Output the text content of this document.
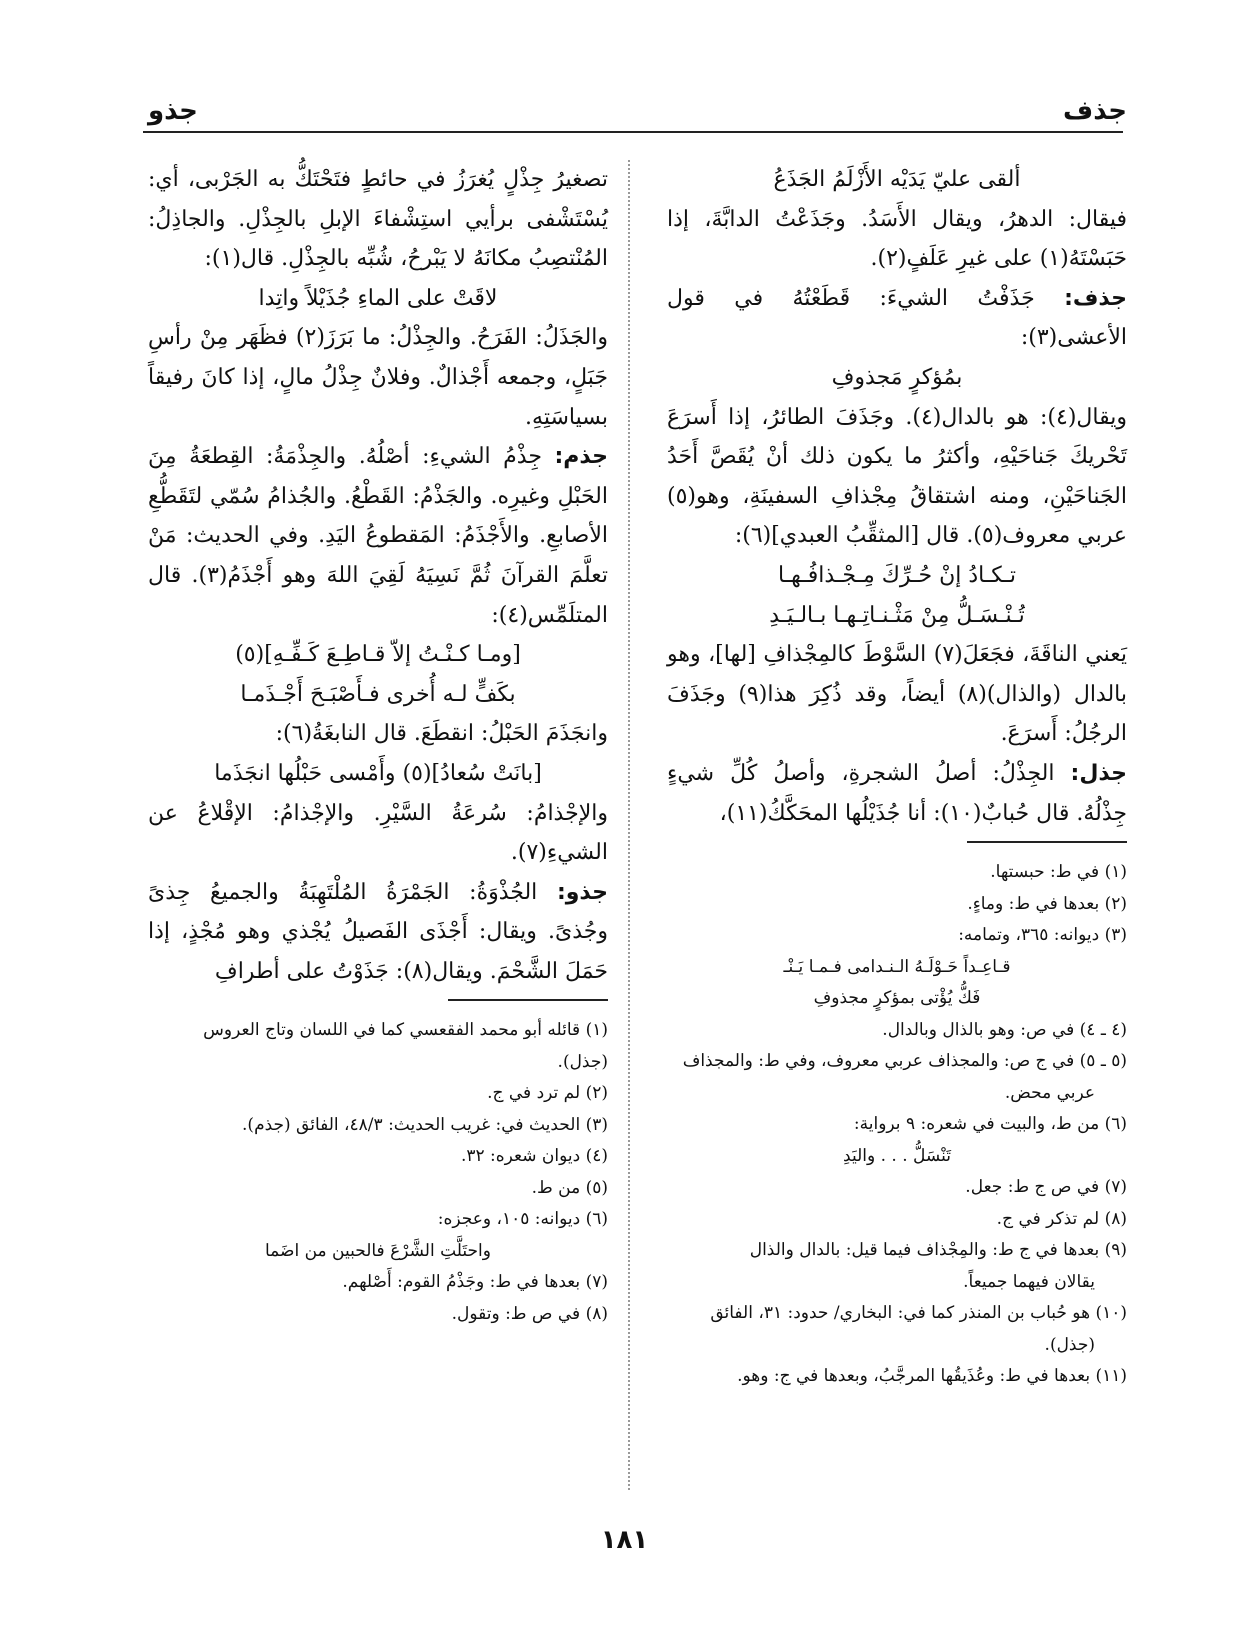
جذف
جذو

ألقى عليّ يَدَيْه الأَزْلَمُ الجَذَعُ

فيقال: الدهرُ، ويقال الأَسَدُ. وجَذَعْتُ الدابَّةَ، إذا حَبَسْتَهُ(١) على غيرِ عَلَفٍ(٢).

جذف: جَذَفْتُ الشيءَ: قَطَعْتُهُ في قول الأعشى(٣):

بمُؤكرٍ مَجذوفِ

ويقال(٤): هو بالدال(٤). وجَذَفَ الطائرُ، إذا أَسرَعَ تَحْريكَ جَناحَيْهِ، وأكثرُ ما يكون ذلك أنْ يُقَصَّ أَحَدُ الجَناحَيْنِ، ومنه اشتقاقُ مِجْذافِ السفينَةِ، وهو(٥) عربي معروف(٥). قال [المثقِّبُ العبدي](٦):

تـكـادُ إنْ حُـرِّكَ مِـجْـذافُـهـا

تُـنْـسَـلُّ مِنْ مَثْـنـاتِـهـا بـالـيَـدِ

يَعني الناقَةَ، فجَعَلَ(٧) السَّوْطَ كالمِجْذافِ [لها]، وهو بالدال (والذال)(٨) أيضاً، وقد ذُكِرَ هذا(٩) وجَذَفَ الرجُلُ: أَسرَعَ.

جذل: الجِذْلُ: أصلُ الشجرةِ، وأصلُ كُلِّ شيءٍ جِذْلُهُ. قال حُبابٌ(١٠): أنا جُذَيْلُها المحَكَّكُ(١١)،

(١) في ط: حبستها.

(٢) بعدها في ط: وماءٍ.

(٣) ديوانه: ٣٦٥، وتمامه:

قـاعِـداً حَـوْلَـهُ الـنـدامى فـمـا يَـنْـ

فَكُّ يُؤْتى بمؤكرٍ مجذوفِ

(٤ ـ ٤) في ص: وهو بالذال وبالدال.

(٥ ـ ٥) في ج ص: والمجذاف عربي معروف، وفي ط: والمجذاف

عربي محض.

(٦) من ط، والبيت في شعره: ٩ برواية:

تَنْسَلُّ . . . واليَدِ

(٧) في ص ج ط: جعل.

(٨) لم تذكر في ج.

(٩) بعدها في ج ط: والمِجْذاف فيما قيل: بالدال والذال

يقالان فيهما جميعاً.

(١٠) هو حُباب بن المنذر كما في: البخاري/ حدود: ٣١، الفائق

(جذل).

(١١) بعدها في ط: وعُذَيقُها المرجَّبُ، وبعدها في ج: وهو.

تصغيرُ جِذْلٍ يُغرَزُ في حائطٍ فتَحْتَكُّ به الجَرْبى، أي: يُسْتَشْفى برأيي استِشْفاءَ الإبلِ بالجِذْلِ. والجاذِلُ: المُنْتصِبُ مكانَهُ لا يَبْرحُ، شُبِّه بالجِذْلِ. قال(١):

لاقَتْ على الماءِ جُذَيْلاً واتِدا

والجَذَلُ: الفَرَحُ. والجِذْلُ: ما بَرَزَ(٢) فظَهَر مِنْ رأسِ جَبَلٍ، وجمعه أَجْذالٌ. وفلانٌ جِذْلُ مالٍ، إذا كانَ رفيقاً بسياسَتِهِ.

جذم: جِذْمُ الشيءِ: أصْلُهُ. والجِذْمَةُ: القِطعَةُ مِنَ الحَبْلِ وغيرِه. والجَذْمُ: القَطْعُ. والجُذامُ سُمّي لتَقَطُّعِ الأصابعِ. والأَجْذَمُ: المَقطوعُ اليَدِ. وفي الحديث: مَنْ تعلَّمَ القرآنَ ثُمَّ نَسِيَهُ لَقِيَ اللهَ وهو أَجْذَمُ(٣). قال المتلَمِّس(٤):

[ومـا كـنْـتُ إلاّ قـاطِـعَ كَـفِّـهِ](٥)

بكَفٍّ لـه أُخرى فـأَصْبَـحَ أَجْـذَمـا

وانجَذَمَ الحَبْلُ: انقطَعَ. قال النابغَةُ(٦):

[بانَتْ سُعادُ](٥) وأَمْسى حَبْلُها انجَذَما

والإجْذامُ: سُرعَةُ السَّيْرِ. والإجْذامُ: الإقْلاعُ عن الشيءِ(٧).

جذو: الجُذْوَةُ: الجَمْرَةُ المُلْتَهِبَةُ والجميعُ جِذىً وجُذىً. ويقال: أَجْذَى الفَصيلُ يُجْذي وهو مُجْذٍ، إذا حَمَلَ الشَّحْمَ. ويقال(٨): جَذَوْتُ على أطرافِ

(١) قائله أبو محمد الفقعسي كما في اللسان وتاج العروس (جذل).

(٢) لم ترد في ج.

(٣) الحديث في: غريب الحديث: ٤٨/٣، الفائق (جذم).

(٤) ديوان شعره: ٣٢.

(٥) من ط.

(٦) ديوانه: ١٠٥، وعجزه:

واحتَلَّتِ الشَّرْعَ فالحبين من اضَما

(٧) بعدها في ط: وجَذْمُ القوم: أَصْلهم.

(٨) في ص ط: وتقول.

١٨١
